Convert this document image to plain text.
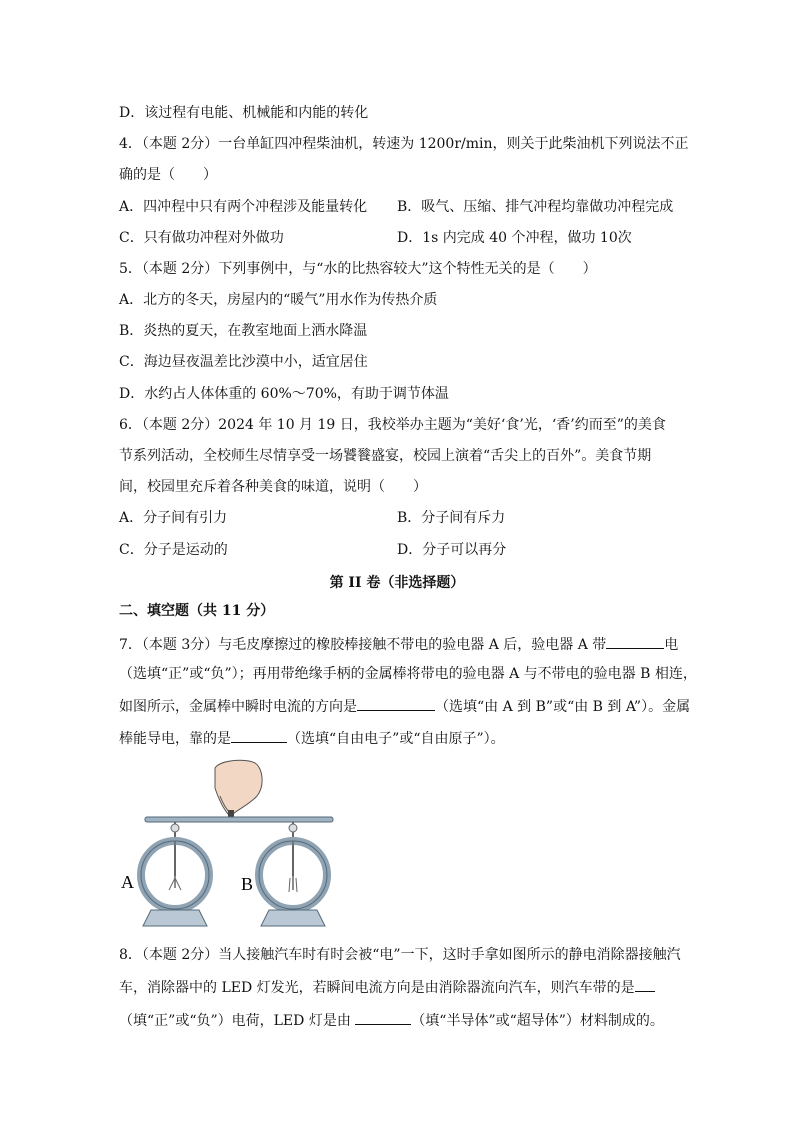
D．该过程有电能、机械能和内能的转化
4．（本题 2分）一台单缸四冲程柴油机，转速为 1200r/min，则关于此柴油机下列说法不正
确的是（　　）
A．四冲程中只有两个冲程涉及能量转化 B．吸气、压缩、排气冲程均靠做功冲程完成
C．只有做功冲程对外做功	D．1s 内完成 40 个冲程，做功 10次
5．（本题 2分）下列事例中，与“水的比热容较大”这个特性无关的是（　　）
A．北方的冬天，房屋内的“暖气”用水作为传热介质
B．炎热的夏天，在教室地面上洒水降温
C．海边昼夜温差比沙漠中小，适宜居住
D．水约占人体体重的 60%～70%，有助于调节体温
6．（本题 2分）2024 年 10 月 19 日，我校举办主题为“美好‘食’光，‘香’约而至”的美食
节系列活动，全校师生尽情享受一场饕餮盛宴，校园上演着“舌尖上的百外”。美食节期
间，校园里充斥着各种美食的味道，说明（　　）
A．分子间有引力	B．分子间有斥力
C．分子是运动的	D．分子可以再分
第 II 卷（非选择题）
二、填空题（共 11 分）
7．（本题 3分）与毛皮摩擦过的橡胶棒接触不带电的验电器 A 后，验电器 A 带	电
（选填“正”或“负”）；再用带绝缘手柄的金属棒将带电的验电器 A 与不带电的验电器 B 相连，
如图所示，金属棒中瞬时电流的方向是	（选填“由 A 到 B”或“由 B 到 A”）。金属
棒能导电，靠的是	（选填“自由电子”或“自由原子”）。
A	B
8．（本题 2分）当人接触汽车时有时会被“电”一下，这时手拿如图所示的静电消除器接触汽
车，消除器中的 LED 灯发光，若瞬间电流方向是由消除器流向汽车，则汽车带的是
（填“正”或“负”）电荷，LED 灯是由	（填“半导体”或“超导体”）材料制成的。
